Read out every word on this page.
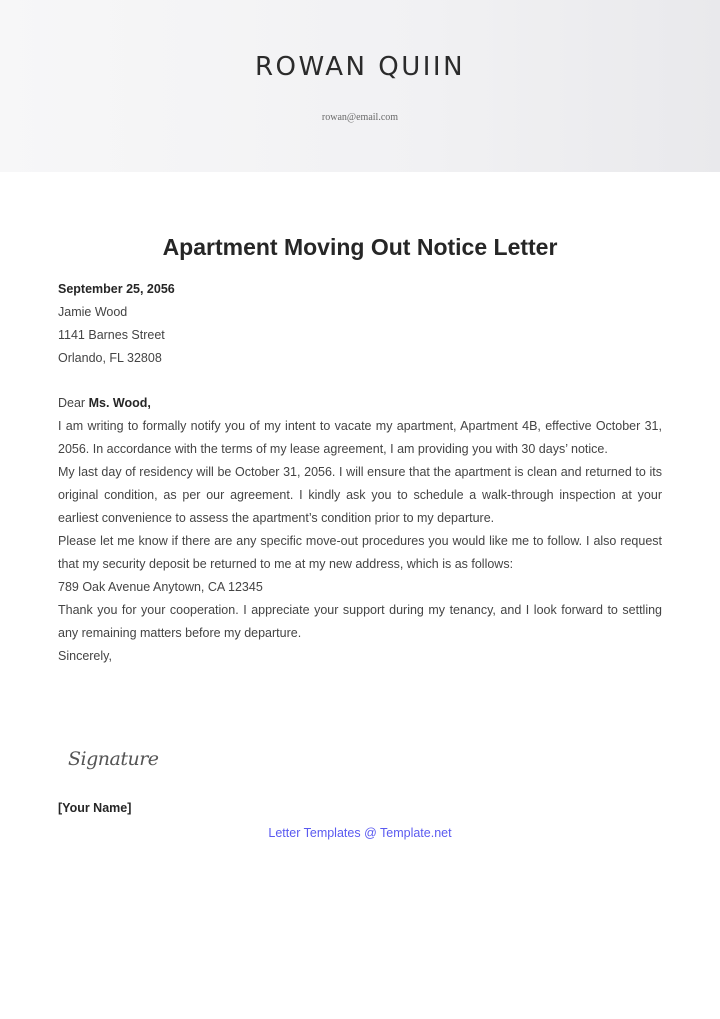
ROWAN QUIIN
rowan@email.com
Apartment Moving Out Notice Letter
September 25, 2056
Jamie Wood
1141 Barnes Street
Orlando, FL 32808
Dear Ms. Wood,
I am writing to formally notify you of my intent to vacate my apartment, Apartment 4B, effective October 31, 2056. In accordance with the terms of my lease agreement, I am providing you with 30 days’ notice.
My last day of residency will be October 31, 2056. I will ensure that the apartment is clean and returned to its original condition, as per our agreement. I kindly ask you to schedule a walk-through inspection at your earliest convenience to assess the apartment’s condition prior to my departure.
Please let me know if there are any specific move-out procedures you would like me to follow. I also request that my security deposit be returned to me at my new address, which is as follows:
789 Oak Avenue Anytown, CA 12345
Thank you for your cooperation. I appreciate your support during my tenancy, and I look forward to settling any remaining matters before my departure.
Sincerely,
Signature
[Your Name]
Letter Templates @ Template.net
